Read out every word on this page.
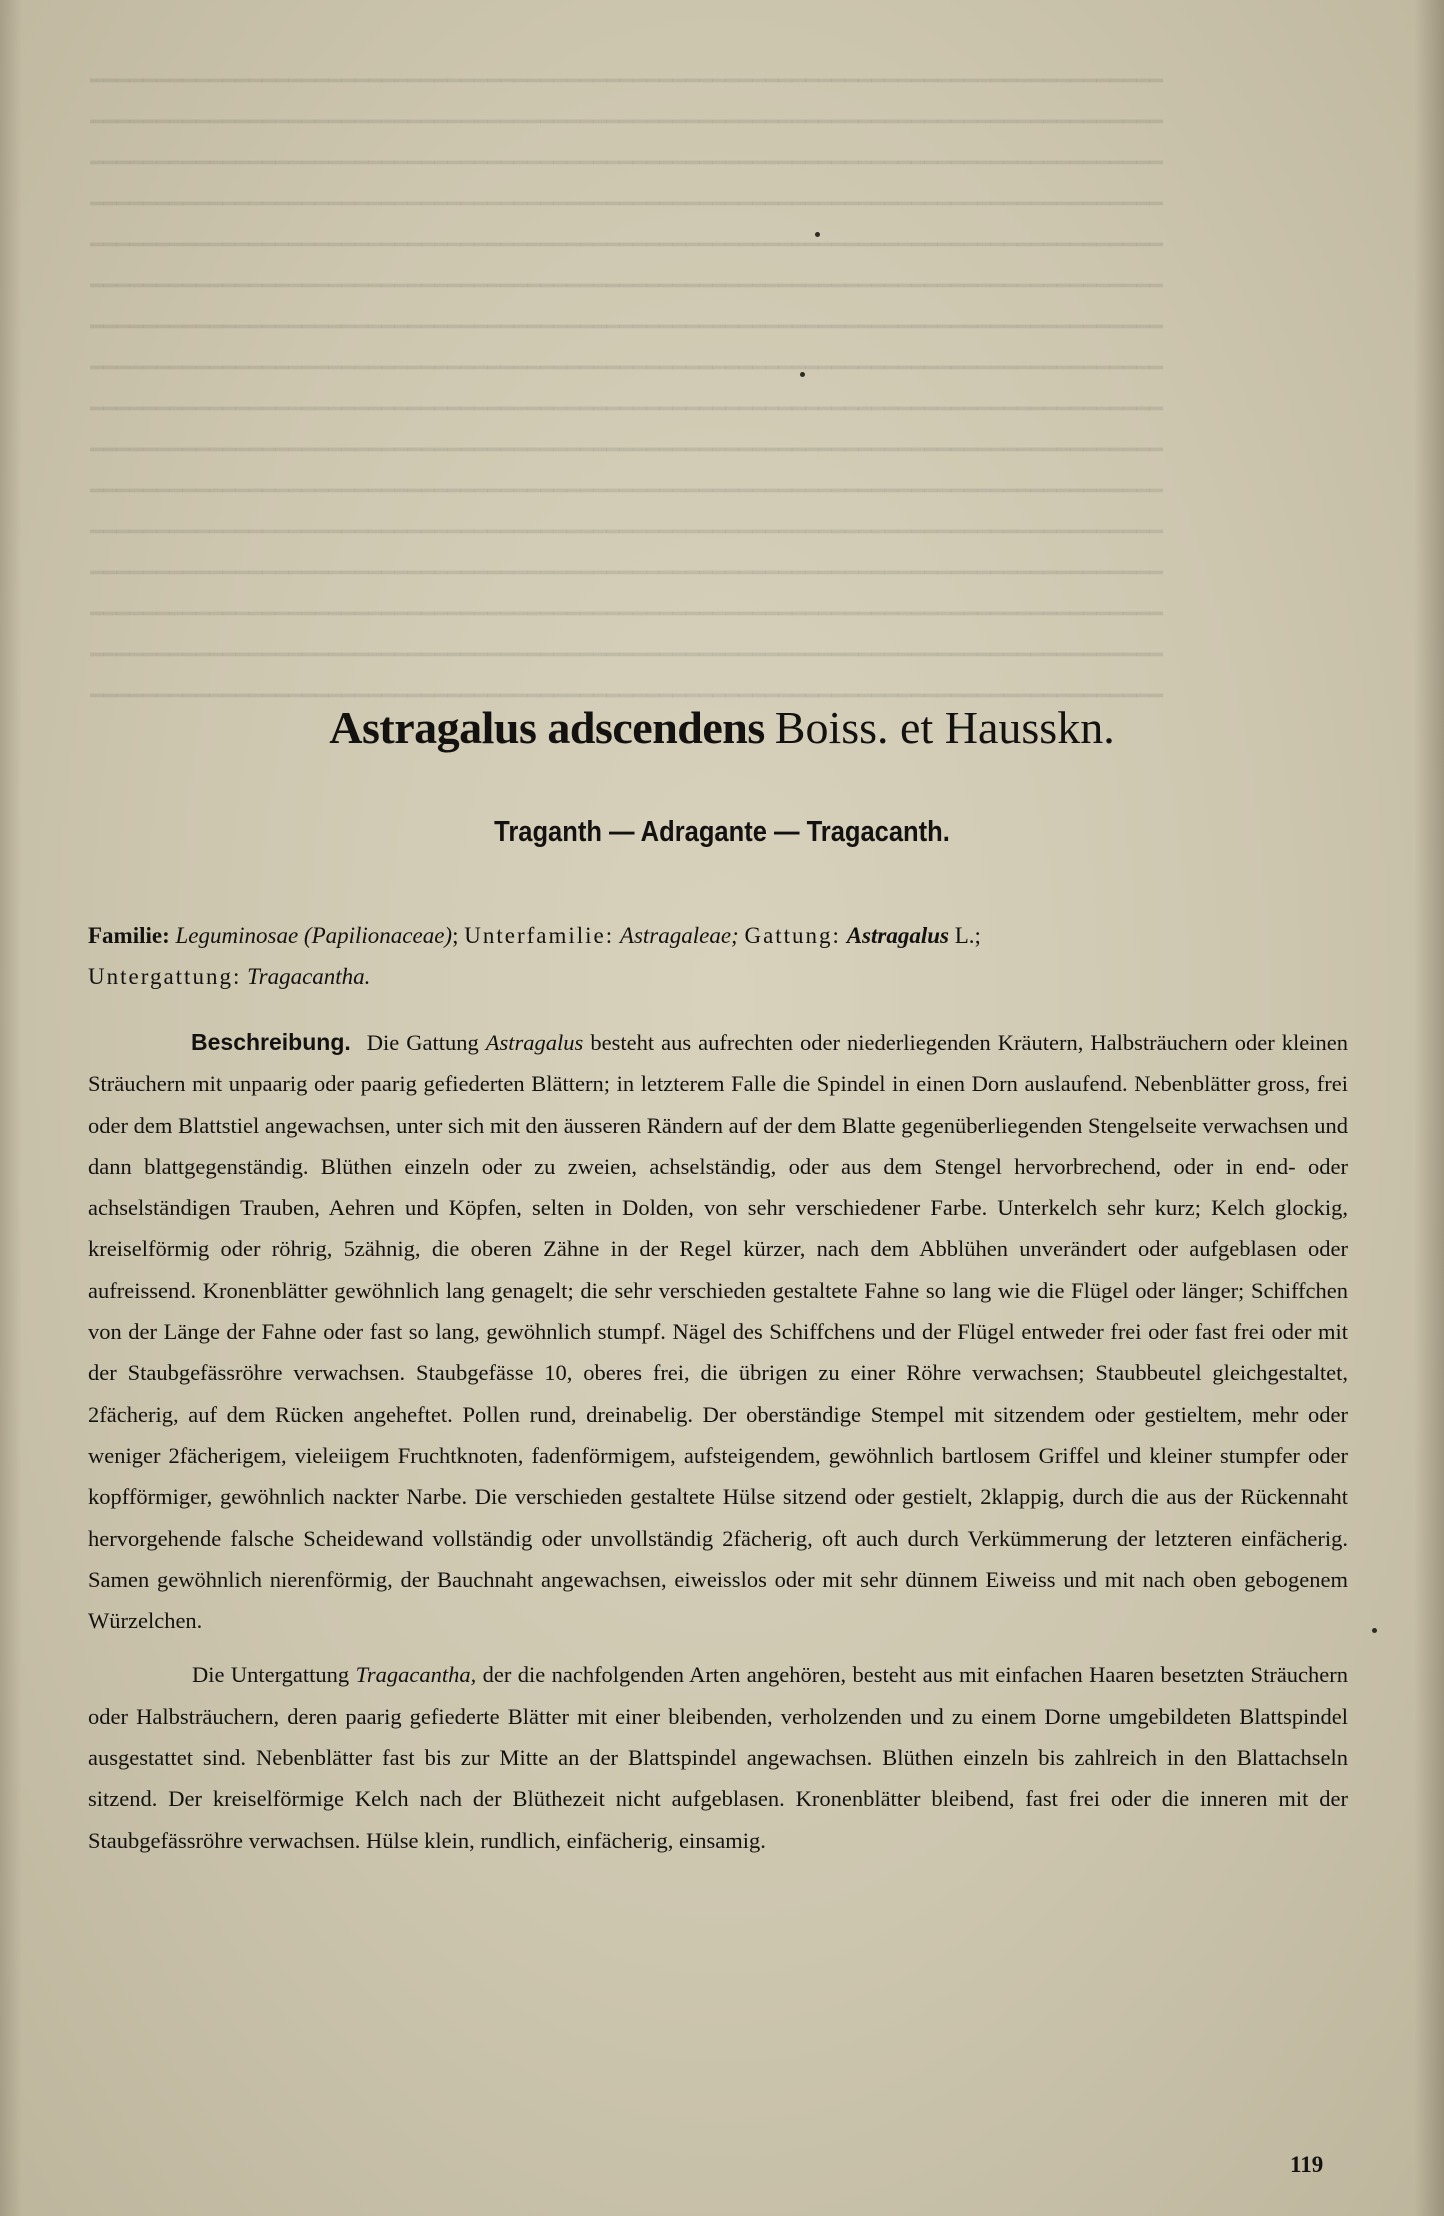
━━━━━━━━━━━━━━━━━━━━━━━━━━━━━━━━━━━━━━━━━━━━━━━━━━━━━━━━━━━━━━━━━━━━━━━━━━━━━━━━━
━━━━━━━━━━━━━━━━━━━━━━━━━━━━━━━━━━━━━━━━━━━━━━━━━━━━━━━━━━━━━━━━━━━━━━━━━━━━━━━━━
━━━━━━━━━━━━━━━━━━━━━━━━━━━━━━━━━━━━━━━━━━━━━━━━━━━━━━━━━━━━━━━━━━━━━━━━━━━━━━━━━
━━━━━━━━━━━━━━━━━━━━━━━━━━━━━━━━━━━━━━━━━━━━━━━━━━━━━━━━━━━━━━━━━━━━━━━━━━━━━━━━━
━━━━━━━━━━━━━━━━━━━━━━━━━━━━━━━━━━━━━━━━━━━━━━━━━━━━━━━━━━━━━━━━━━━━━━━━━━━━━━━━━
━━━━━━━━━━━━━━━━━━━━━━━━━━━━━━━━━━━━━━━━━━━━━━━━━━━━━━━━━━━━━━━━━━━━━━━━━━━━━━━━━
━━━━━━━━━━━━━━━━━━━━━━━━━━━━━━━━━━━━━━━━━━━━━━━━━━━━━━━━━━━━━━━━━━━━━━━━━━━━━━━━━
━━━━━━━━━━━━━━━━━━━━━━━━━━━━━━━━━━━━━━━━━━━━━━━━━━━━━━━━━━━━━━━━━━━━━━━━━━━━━━━━━
━━━━━━━━━━━━━━━━━━━━━━━━━━━━━━━━━━━━━━━━━━━━━━━━━━━━━━━━━━━━━━━━━━━━━━━━━━━━━━━━━
━━━━━━━━━━━━━━━━━━━━━━━━━━━━━━━━━━━━━━━━━━━━━━━━━━━━━━━━━━━━━━━━━━━━━━━━━━━━━━━━━
━━━━━━━━━━━━━━━━━━━━━━━━━━━━━━━━━━━━━━━━━━━━━━━━━━━━━━━━━━━━━━━━━━━━━━━━━━━━━━━━━
━━━━━━━━━━━━━━━━━━━━━━━━━━━━━━━━━━━━━━━━━━━━━━━━━━━━━━━━━━━━━━━━━━━━━━━━━━━━━━━━━
━━━━━━━━━━━━━━━━━━━━━━━━━━━━━━━━━━━━━━━━━━━━━━━━━━━━━━━━━━━━━━━━━━━━━━━━━━━━━━━━━
━━━━━━━━━━━━━━━━━━━━━━━━━━━━━━━━━━━━━━━━━━━━━━━━━━━━━━━━━━━━━━━━━━━━━━━━━━━━━━━━━
━━━━━━━━━━━━━━━━━━━━━━━━━━━━━━━━━━━━━━━━━━━━━━━━━━━━━━━━━━━━━━━━━━━━━━━━━━━━━━━━━
━━━━━━━━━━━━━━━━━━━━━━━━━━━━━━━━━━━━━━━━━━━━━━━━━━━━━━━━━━━━━━━━━━━━━━━━━━━━━━━━━
Astragalus adscendens Boiss. et Hausskn.
Traganth — Adragante — Tragacanth.
Familie: Leguminosae (Papilionaceae); Unterfamilie: Astragaleae; Gattung: Astragalus L.;
Untergattung: Tragacantha.

Beschreibung. Die Gattung Astragalus besteht aus aufrechten oder niederliegenden Kräutern, Halbsträuchern oder kleinen Sträuchern mit unpaarig oder paarig gefiederten Blättern; in letzterem Falle die Spindel in einen Dorn auslaufend. Nebenblätter gross, frei oder dem Blattstiel angewachsen, unter sich mit den äusseren Rändern auf der dem Blatte gegenüberliegenden Stengelseite verwachsen und dann blattgegenständig. Blüthen einzeln oder zu zweien, achselständig, oder aus dem Stengel hervorbrechend, oder in end- oder achselständigen Trauben, Aehren und Köpfen, selten in Dolden, von sehr verschiedener Farbe. Unterkelch sehr kurz; Kelch glockig, kreiselförmig oder röhrig, 5zähnig, die oberen Zähne in der Regel kürzer, nach dem Abblühen unverändert oder aufgeblasen oder aufreissend. Kronenblätter gewöhnlich lang genagelt; die sehr verschieden gestaltete Fahne so lang wie die Flügel oder länger; Schiffchen von der Länge der Fahne oder fast so lang, gewöhnlich stumpf. Nägel des Schiffchens und der Flügel entweder frei oder fast frei oder mit der Staubgefässröhre verwachsen. Staubgefässe 10, oberes frei, die übrigen zu einer Röhre verwachsen; Staubbeutel gleichgestaltet, 2fächerig, auf dem Rücken angeheftet. Pollen rund, dreinabelig. Der oberständige Stempel mit sitzendem oder gestieltem, mehr oder weniger 2fächerigem, vieleiigem Fruchtknoten, fadenförmigem, aufsteigendem, gewöhnlich bartlosem Griffel und kleiner stumpfer oder kopfförmiger, gewöhnlich nackter Narbe. Die verschieden gestaltete Hülse sitzend oder gestielt, 2klappig, durch die aus der Rückennaht hervorgehende falsche Scheidewand vollständig oder unvollständig 2fächerig, oft auch durch Verkümmerung der letzteren einfächerig. Samen gewöhnlich nierenförmig, der Bauchnaht angewachsen, eiweisslos oder mit sehr dünnem Eiweiss und mit nach oben gebogenem Würzelchen.

Die Untergattung Tragacantha, der die nachfolgenden Arten angehören, besteht aus mit einfachen Haaren besetzten Sträuchern oder Halbsträuchern, deren paarig gefiederte Blätter mit einer bleibenden, verholzenden und zu einem Dorne umgebildeten Blattspindel ausgestattet sind. Nebenblätter fast bis zur Mitte an der Blattspindel angewachsen. Blüthen einzeln bis zahlreich in den Blattachseln sitzend. Der kreiselförmige Kelch nach der Blüthezeit nicht aufgeblasen. Kronenblätter bleibend, fast frei oder die inneren mit der Staubgefässröhre verwachsen. Hülse klein, rundlich, einfächerig, einsamig.

119
